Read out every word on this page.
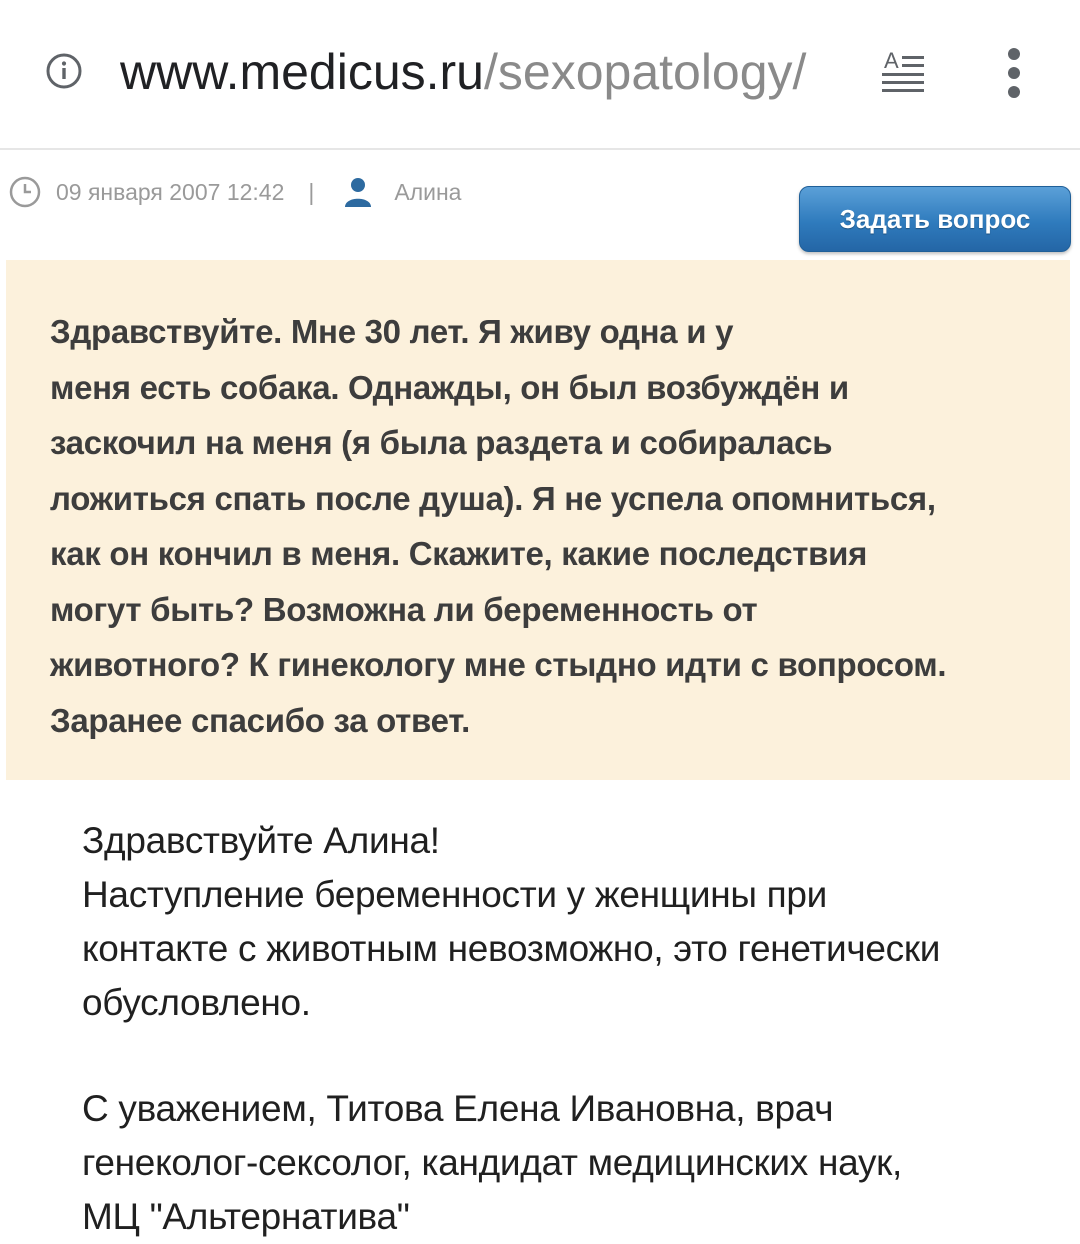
www.medicus.ru/sexopatology/	A
09 января 2007 12:42 |	Алина
Задать вопрос

Здравствуйте. Мне 30 лет. Я живу одна и у
меня есть собака. Однажды, он был возбуждён и
заскочил на меня (я была раздета и собиралась
ложиться спать после душа). Я не успела опомниться,
как он кончил в меня. Скажите, какие последствия
могут быть? Возможна ли беременность от
животного? К гинекологу мне стыдно идти с вопросом.
Заранее спасибо за ответ.

Здравствуйте Алина!
Наступление беременности у женщины при
контакте с животным невозможно, это генетически
обусловлено.
С уважением, Титова Елена Ивановна, врач
генеколог-сексолог, кандидат медицинских наук,
МЦ "Альтернатива"
